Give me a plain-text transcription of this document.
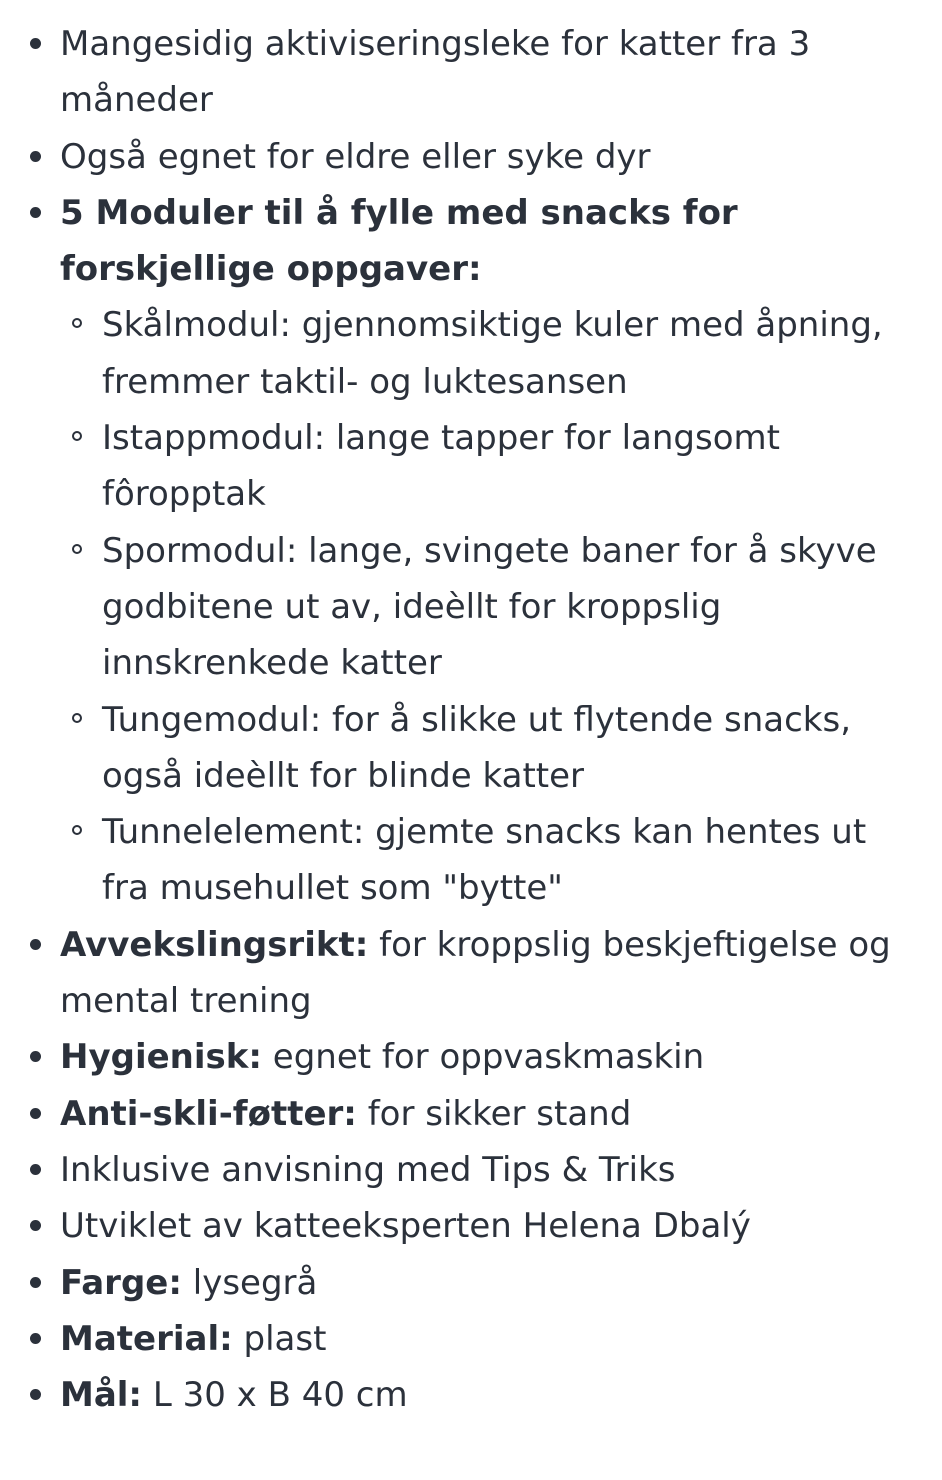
Mangesidig aktiviseringsleke for katter fra 3 måneder
Også egnet for eldre eller syke dyr
5 Moduler til å fylle med snacks for forskjellige oppgaver:
Skålmodul: gjennomsiktige kuler med åpning, fremmer taktil- og luktesansen
Istappmodul: lange tapper for langsomt fôropptak
Spormodul: lange, svingete baner for å skyve godbitene ut av, ideèllt for kroppslig innskrenkede katter
Tungemodul: for å slikke ut flytende snacks, også ideèllt for blinde katter
Tunnelelement: gjemte snacks kan hentes ut fra musehullet som "bytte"
Avvekslingsrikt: for kroppslig beskjeftigelse og mental trening
Hygienisk: egnet for oppvaskmaskin
Anti-skli-føtter: for sikker stand
Inklusive anvisning med Tips & Triks
Utviklet av katteeksperten Helena Dbalý
Farge: lysegrå
Material: plast
Mål: L 30 x B 40 cm
